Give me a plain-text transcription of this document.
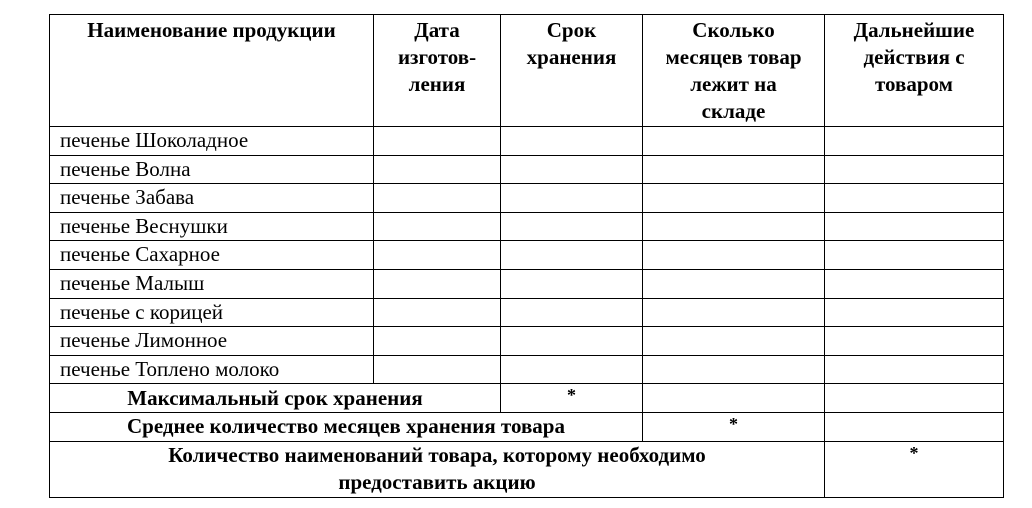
Наименование продукции	Дата
изготов-
ления	Срок
хранения	Сколько
месяцев товар
лежит на
складе	Дальнейшие
действия с
товаром
печенье Шоколадное				
печенье Волна				
печенье Забава				
печенье Веснушки				
печенье Сахарное				
печенье Малыш				
печенье с корицей				
печенье Лимонное				
печенье Топлено молоко				
Максимальный срок хранения		*		
Среднее количество месяцев хранения товара			*	
Количество наименований товара, которому необходимо
предоставить акцию				*
